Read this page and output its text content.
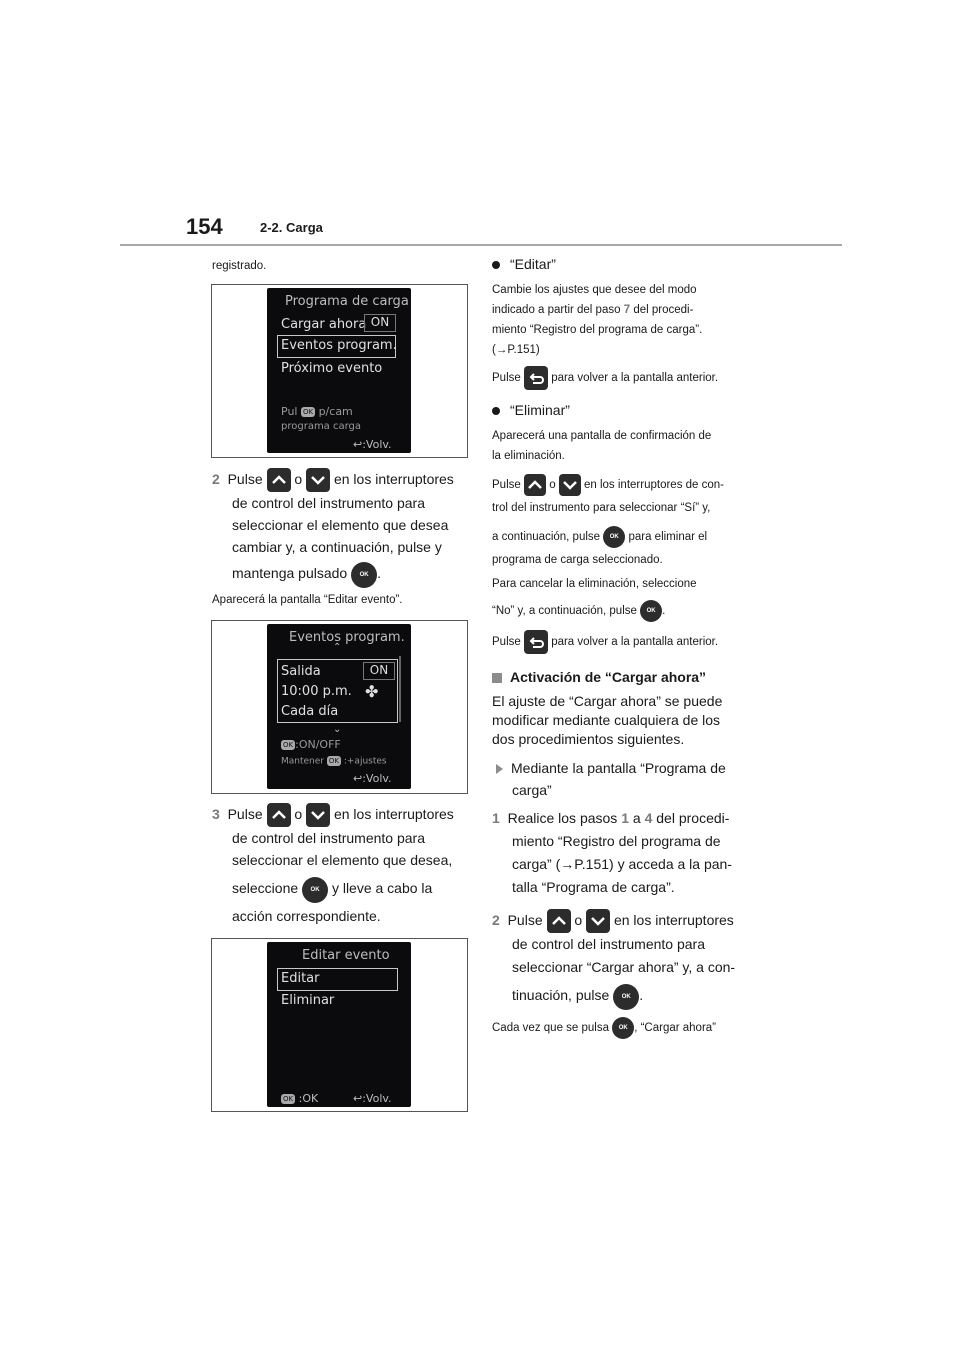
154	2-2. Carga
registrado.
Programa de carga
Cargar ahora ON
Eventos program.
Próximo evento
Pul OK p/cam
programa carga
↩:Volv.

2 Pulse o en los interruptores

de control del instrumento para

seleccionar el elemento que desea

cambiar y, a continuación, pulse y

mantenga pulsado OK .

Aparecerá la pantalla “Editar evento”.
Eventos program.
⌃
Salida	ON
10:00 p.m. ✤
Cada día
⌄
OK :ON/OFF
Mantener OK :+ajustes
↩:Volv.

3 Pulse o en los interruptores

de control del instrumento para

seleccionar el elemento que desea,

seleccione OK y lleve a cabo la

acción correspondiente.

Editar evento
Editar
Eliminar
OK :OK	↩:Volv.

“Editar”

Cambie los ajustes que desee del modo

indicado a partir del paso 7 del procedi-

miento “Registro del programa de carga”.

(→P.151)

Pulse	para volver a la pantalla anterior.

“Eliminar”

Aparecerá una pantalla de confirmación de

la eliminación.

Pulse o en los interruptores de con-

trol del instrumento para seleccionar “Sí” y,

a continuación, pulse OK para eliminar el

programa de carga seleccionado.

Para cancelar la eliminación, seleccione

“No” y, a continuación, pulse OK .

Pulse	para volver a la pantalla anterior.

Activación de “Cargar ahora”

El ajuste de “Cargar ahora” se puede

modificar mediante cualquiera de los

dos procedimientos siguientes.

Mediante la pantalla “Programa de

carga”

1 Realice los pasos 1 a 4 del procedi-

miento “Registro del programa de

carga” (→P.151) y acceda a la pan-

talla “Programa de carga”.

2 Pulse o en los interruptores

de control del instrumento para

seleccionar “Cargar ahora” y, a con-

tinuación, pulse OK .

Cada vez que se pulsa OK , “Cargar ahora”
